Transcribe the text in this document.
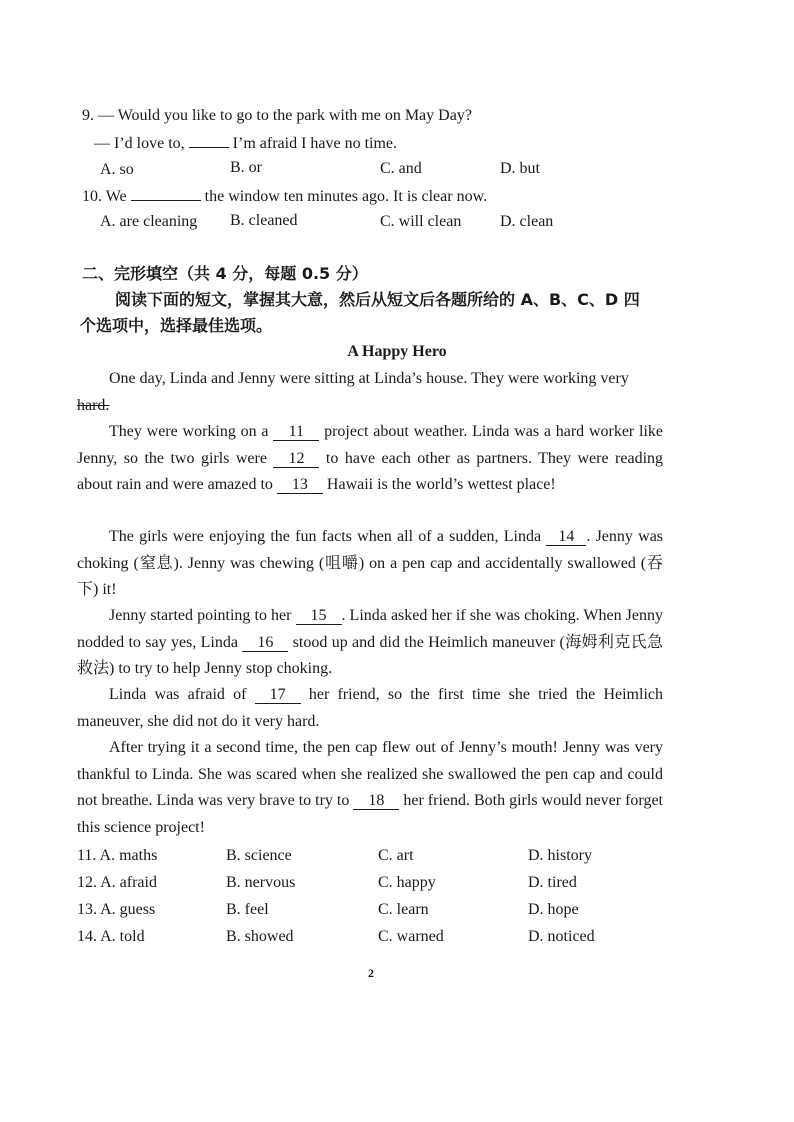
9. — Would you like to go to the park with me on May Day?
— I’d love to,	I’m afraid I have no time.
A. so	B. or	C. and	D. but
10. We	the window ten minutes ago. It is clear now.
A. are cleaning B. cleaned	C. will clean D. clean
二、完形填空（共 4 分，每题 0.5 分）
阅读下面的短文，掌握其大意，然后从短文后各题所给的 A、B、C、D 四
个选项中，选择最佳选项。
A Happy Hero
One day, Linda and Jenny were sitting at Linda’s house. They were working very
hard.
They were working on a 11 project about weather. Linda was a hard worker like Jenny, so the two girls were 12 to have each other as partners. They were reading about rain and were amazed to 13 Hawaii is the world’s wettest place!
The girls were enjoying the fun facts when all of a sudden, Linda 14 . Jenny was choking (窒息). Jenny was chewing (咀嚼) on a pen cap and accidentally swallowed (吞下) it!
Jenny started pointing to her 15 . Linda asked her if she was choking. When Jenny nodded to say yes, Linda 16 stood up and did the Heimlich maneuver (海姆利克氏急救法) to try to help Jenny stop choking.
Linda was afraid of 17 her friend, so the first time she tried the Heimlich maneuver, she did not do it very hard.
After trying it a second time, the pen cap flew out of Jenny’s mouth! Jenny was very thankful to Linda. She was scared when she realized she swallowed the pen cap and could not breathe. Linda was very brave to try to 18 her friend. Both girls would never forget this science project!
11. A. maths	B. science	C. art	D. history
12. A. afraid	B. nervous	C. happy	D. tired
13. A. guess	B. feel	C. learn	D. hope
14. A. told	B. showed	C. warned	D. noticed
2
